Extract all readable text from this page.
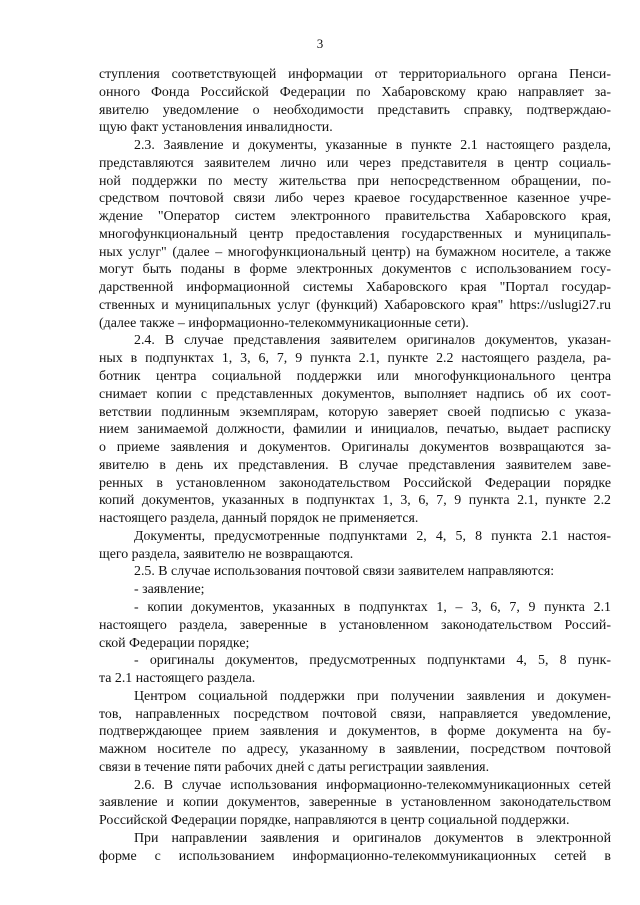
3
ступления соответствующей информации от территориального органа Пенси-
онного Фонда Российской Федерации по Хабаровскому краю направляет за-
явителю уведомление о необходимости представить справку, подтверждаю-
щую факт установления инвалидности.
2.3. Заявление и документы, указанные в пункте 2.1 настоящего раздела,
представляются заявителем лично или через представителя в центр социаль-
ной поддержки по месту жительства при непосредственном обращении, по-
средством почтовой связи либо через краевое государственное казенное учре-
ждение "Оператор систем электронного правительства Хабаровского края,
многофункциональный центр предоставления государственных и муниципаль-
ных услуг" (далее – многофункциональный центр) на бумажном носителе, а также
могут быть поданы в форме электронных документов с использованием госу-
дарственной информационной системы Хабаровского края "Портал государ-
ственных и муниципальных услуг (функций) Хабаровского края" https://uslugi27.ru
(далее также – информационно-телекоммуникационные сети).
2.4. В случае представления заявителем оригиналов документов, указан-
ных в подпунктах 1, 3, 6, 7, 9 пункта 2.1, пункте 2.2 настоящего раздела, ра-
ботник центра социальной поддержки или многофункционального центра
снимает копии с представленных документов, выполняет надпись об их соот-
ветствии подлинным экземплярам, которую заверяет своей подписью с указа-
нием занимаемой должности, фамилии и инициалов, печатью, выдает расписку
о приеме заявления и документов. Оригиналы документов возвращаются за-
явителю в день их представления. В случае представления заявителем заве-
ренных в установленном законодательством Российской Федерации порядке
копий документов, указанных в подпунктах 1, 3, 6, 7, 9 пункта 2.1, пункте 2.2
настоящего раздела, данный порядок не применяется.
Документы, предусмотренные подпунктами 2, 4, 5, 8 пункта 2.1 настоя-
щего раздела, заявителю не возвращаются.
2.5. В случае использования почтовой связи заявителем направляются:
- заявление;
- копии документов, указанных в подпунктах 1, – 3, 6, 7, 9 пункта 2.1
настоящего раздела, заверенные в установленном законодательством Россий-
ской Федерации порядке;
- оригиналы документов, предусмотренных подпунктами 4, 5, 8 пунк-
та 2.1 настоящего раздела.
Центром социальной поддержки при получении заявления и докумен-
тов, направленных посредством почтовой связи, направляется уведомление,
подтверждающее прием заявления и документов, в форме документа на бу-
мажном носителе по адресу, указанному в заявлении, посредством почтовой
связи в течение пяти рабочих дней с даты регистрации заявления.
2.6. В случае использования информационно-телекоммуникационных сетей
заявление и копии документов, заверенные в установленном законодательством
Российской Федерации порядке, направляются в центр социальной поддержки.
При направлении заявления и оригиналов документов в электронной
форме с использованием информационно-телекоммуникационных сетей в
